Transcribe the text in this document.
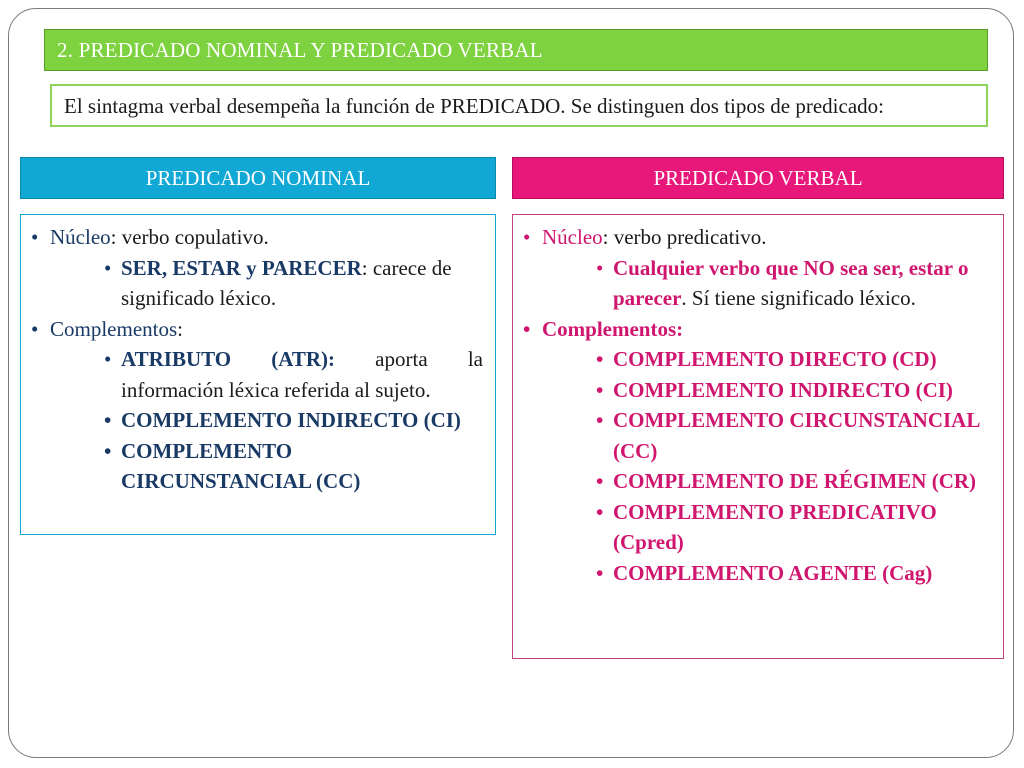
2. PREDICADO NOMINAL Y PREDICADO VERBAL
El sintagma verbal desempeña la función de PREDICADO. Se distinguen dos tipos de predicado:
PREDICADO NOMINAL	PREDICADO VERBAL
• Núcleo: verbo copulativo.
• SER, ESTAR y PARECER: carece de significado léxico.
• Complementos:
• ATRIBUTO (ATR): aporta la
información léxica referida al sujeto.
• COMPLEMENTO INDIRECTO (CI)
• COMPLEMENTO CIRCUNSTANCIAL (CC)
• Núcleo: verbo predicativo.
• Cualquier verbo que NO sea ser, estar o parecer. Sí tiene significado léxico.
• Complementos:
• COMPLEMENTO DIRECTO (CD)
• COMPLEMENTO INDIRECTO (CI)
• COMPLEMENTO CIRCUNSTANCIAL (CC)
• COMPLEMENTO DE RÉGIMEN (CR)
• COMPLEMENTO PREDICATIVO (Cpred)
• COMPLEMENTO AGENTE (Cag)
